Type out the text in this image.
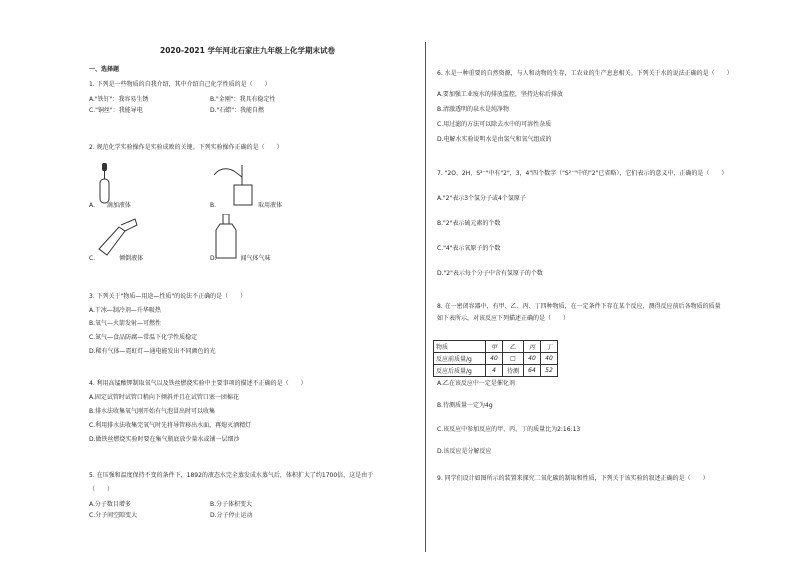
2020-2021 学年河北石家庄九年级上化学期末试卷
一、选择题
1. 下列是一些物质的自我介绍，其中介绍自己化学性质的是（　　）
A."铁钉"：我容易生锈	B."金刚"：我具有稳定性
C."铜丝"：我能导电	D."石蜡"：我能自燃
2. 规范化学实验操作是实验成败的关键。下列实验操作正确的是（　　）
A.　　滴加液体	B.　　　　　　　取用液体
C.　　　　倾倒液体	D.　　　　闻气体气味
3. 下列关于"物质—用途—性质"的说法不正确的是（　　）
A.干冰—制冷剂—升华吸热
B.氧气—火箭发射—可燃性
C.氮气—食品防腐—常温下化学性质稳定
D.稀有气体—霓虹灯—通电能发出不同颜色的光
4. 利用高锰酸钾制取氧气以及铁丝燃烧实验中主要事项的描述不正确的是（　　）
A.固定试管时试管口稍向下倾斜并且在试管口塞一团棉花
B.排水法收集氧气刚开始有气泡冒出时可以收集
C.利用排水法收集完氧气时先将导管移出水面，再熄灭酒精灯
D.做铁丝燃烧实验时要在集气瓶底放少量水或铺一层细沙
5. 在压强和温度保持不变的条件下，1892的液态水完全蒸发成水蒸气后，体积扩大了约1700倍，这是由于
（　　）
A.分子数目增多	B.分子体积变大
C.分子间空隙变大	D.分子停止运动
6. 水是一种重要的自然资源，与人和动物的生存，工农业的生产息息相关。下列关于水的说法正确的是（　　）
A.要加强工业废水的排放监控，坚持达标后排放
B.清澈透明的泉水是纯净物
C.用过滤的方法可以除去水中的可溶性杂质
D.电解水实验说明水是由氢气和氧气组成的
7. "2O、2H、S²⁻"中有"2"，3，4"四个数字（"S²⁻"中的"2"已省略），它们表示的意义中，正确的是（　　）
A."2"表示3个氢分子或4个氢原子
B."2"表示硫元素的个数
C."4"表示氧原子的个数
D."2"表示每个分子中含有氢原子的个数
8. 在一密闭容器中，有甲、乙、丙、丁四种物质，在一定条件下存在某个反应，测得反应前后各物质的质量
如下表所示，对该反应下列描述正确的是（　　）
物质	甲	乙	丙	丁
反应前质量/g	40	□	40	40
反应后质量/g	4	待测	64	52
A.乙在该反应中一定是催化剂
B.待测质量一定为4g
C.该反应中参加反应的甲、丙、丁的质量比为2:16:13
D.该反应是分解反应
9. 同学们设计如图所示的装置来探究二氧化碳的制取和性质，下列关于该实验的叙述正确的是（　　）
